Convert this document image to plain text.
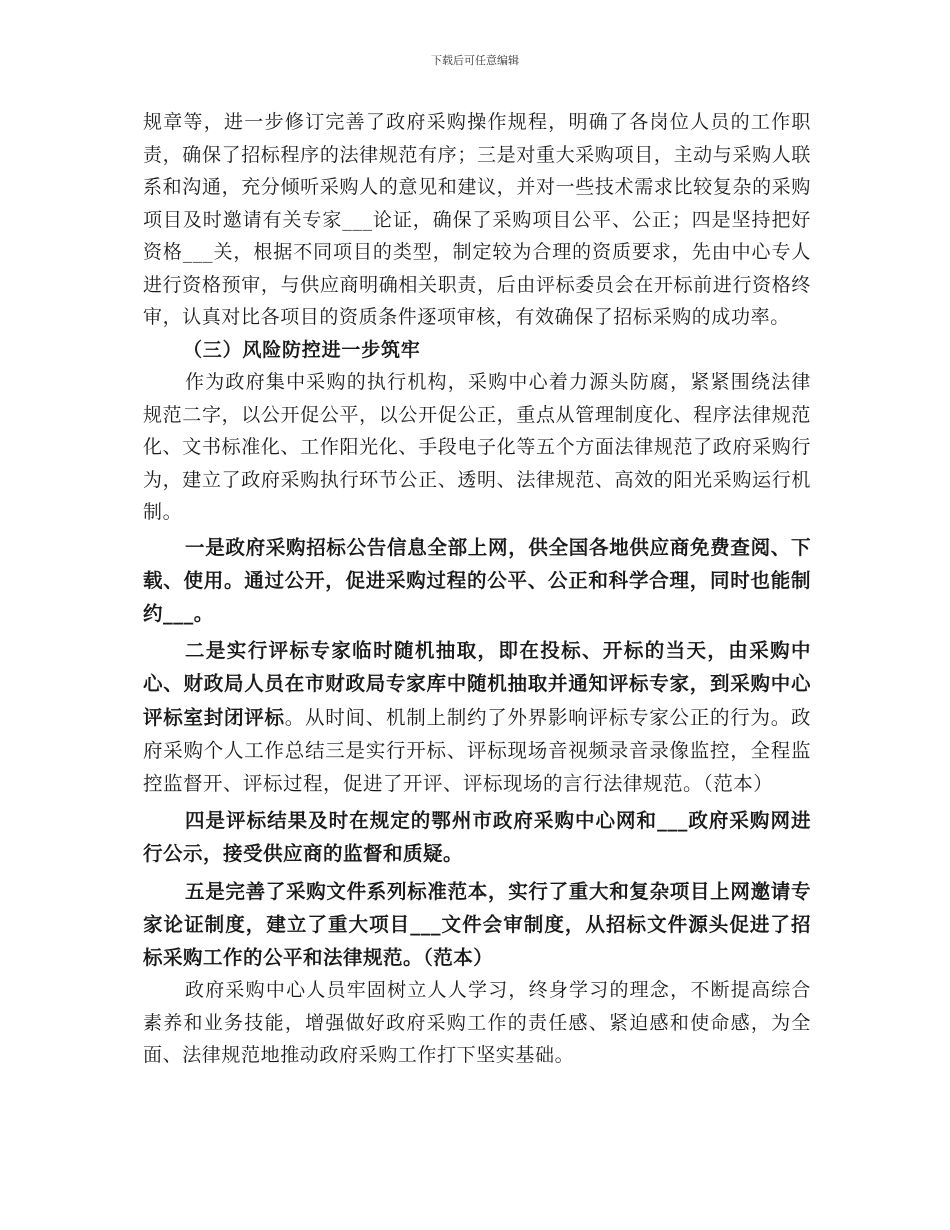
下载后可任意编辑

规章等，进一步修订完善了政府采购操作规程，明确了各岗位人员的工作职责，确保了招标程序的法律规范有序；三是对重大采购项目，主动与采购人联系和沟通，充分倾听采购人的意见和建议，并对一些技术需求比较复杂的采购项目及时邀请有关专家___论证，确保了采购项目公平、公正；四是坚持把好资格___关，根据不同项目的类型，制定较为合理的资质要求，先由中心专人进行资格预审，与供应商明确相关职责，后由评标委员会在开标前进行资格终审，认真对比各项目的资质条件逐项审核，有效确保了招标采购的成功率。

（三）风险防控进一步筑牢

作为政府集中采购的执行机构，采购中心着力源头防腐，紧紧围绕法律规范二字，以公开促公平，以公开促公正，重点从管理制度化、程序法律规范化、文书标准化、工作阳光化、手段电子化等五个方面法律规范了政府采购行为，建立了政府采购执行环节公正、透明、法律规范、高效的阳光采购运行机制。

一是政府采购招标公告信息全部上网，供全国各地供应商免费查阅、下载、使用。通过公开，促进采购过程的公平、公正和科学合理，同时也能制约___。

二是实行评标专家临时随机抽取，即在投标、开标的当天，由采购中心、财政局人员在市财政局专家库中随机抽取并通知评标专家，到采购中心评标室封闭评标。从时间、机制上制约了外界影响评标专家公正的行为。政府采购个人工作总结三是实行开标、评标现场音视频录音录像监控，全程监控监督开、评标过程，促进了开评、评标现场的言行法律规范。（范本）

四是评标结果及时在规定的鄂州市政府采购中心网和___政府采购网进行公示，接受供应商的监督和质疑。

五是完善了采购文件系列标准范本，实行了重大和复杂项目上网邀请专家论证制度，建立了重大项目___文件会审制度，从招标文件源头促进了招标采购工作的公平和法律规范。（范本）

政府采购中心人员牢固树立人人学习，终身学习的理念，不断提高综合素养和业务技能，增强做好政府采购工作的责任感、紧迫感和使命感，为全面、法律规范地推动政府采购工作打下坚实基础。
